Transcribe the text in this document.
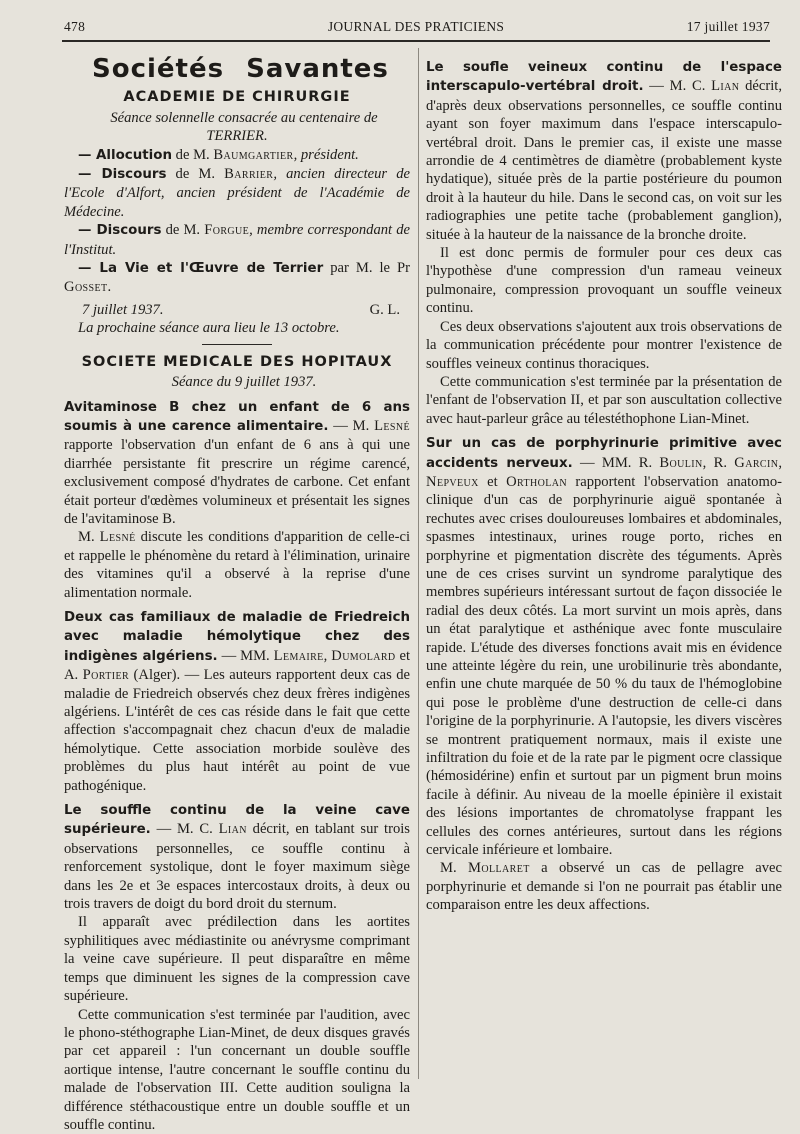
478	JOURNAL DES PRATICIENS	17 juillet 1937
Sociétés Savantes
ACADEMIE DE CHIRURGIE

Séance solennelle consacrée au centenaire de TERRIER.

— Allocution de M. Baumgartier, président.

— Discours de M. Barrier, ancien directeur de l'Ecole d'Alfort, ancien président de l'Académie de Médecine.

— Discours de M. Forgue, membre correspondant de l'Institut.

— La Vie et l'Œuvre de Terrier par M. le Pr Gosset.

7 juillet 1937.	G. L.

La prochaine séance aura lieu le 13 octobre.

SOCIETE MEDICALE DES HOPITAUX

Séance du 9 juillet 1937.

Avitaminose B chez un enfant de 6 ans soumis à une carence alimentaire. — M. Lesné rapporte l'observation d'un enfant de 6 ans à qui une diarrhée persistante fit prescrire un régime carencé, exclusivement composé d'hydrates de carbone. Cet enfant était porteur d'œdèmes volumineux et présentait les signes de l'avitaminose B.

M. Lesné discute les conditions d'apparition de celle-ci et rappelle le phénomène du retard à l'élimination, urinaire des vitamines qu'il a observé à la reprise d'une alimentation normale.

Deux cas familiaux de maladie de Friedreich avec maladie hémolytique chez des indigènes algériens. — MM. Lemaire, Dumolard et A. Portier (Alger). — Les auteurs rapportent deux cas de maladie de Friedreich observés chez deux frères indigènes algériens. L'intérêt de ces cas réside dans le fait que cette affection s'accompagnait chez chacun d'eux de maladie hémolytique. Cette association morbide soulève des problèmes du plus haut intérêt au point de vue pathogénique.

Le souffle continu de la veine cave supérieure. — M. C. Lian décrit, en tablant sur trois observations personnelles, ce souffle continu à renforcement systolique, dont le foyer maximum siège dans les 2e et 3e espaces intercostaux droits, à deux ou trois travers de doigt du bord droit du sternum.

Il apparaît avec prédilection dans les aortites syphilitiques avec médiastinite ou anévrysme comprimant la veine cave supérieure. Il peut disparaître en même temps que diminuent les signes de la compression cave supérieure.

Cette communication s'est terminée par l'audition, avec le phono-stéthographe Lian-Minet, de deux disques gravés par cet appareil : l'un concernant un double souffle aortique intense, l'autre concernant le souffle continu du malade de l'observation III. Cette audition souligna la différence stéthacoustique entre un double souffle et un souffle continu.

Le soufle veineux continu de l'espace interscapulo-vertébral droit. — M. C. Lian décrit, d'après deux observations personnelles, ce souffle continu ayant son foyer maximum dans l'espace interscapulo-vertébral droit. Dans le premier cas, il existe une masse arrondie de 4 centimètres de diamètre (probablement kyste hydatique), située près de la partie postérieure du poumon droit à la hauteur du hile. Dans le second cas, on voit sur les radiographies une petite tache (probablement ganglion), située à la hauteur de la naissance de la bronche droite.

Il est donc permis de formuler pour ces deux cas l'hypothèse d'une compression d'un rameau veineux pulmonaire, compression provoquant un souffle veineux continu.

Ces deux observations s'ajoutent aux trois observations de la communication précédente pour montrer l'existence de souffles veineux continus thoraciques.

Cette communication s'est terminée par la présentation de l'enfant de l'observation II, et par son auscultation collective avec haut-parleur grâce au télestéthophone Lian-Minet.

Sur un cas de porphyrinurie primitive avec accidents nerveux. — MM. R. Boulin, R. Garcin, Nepveux et Ortholan rapportent l'observation anatomo-clinique d'un cas de porphyrinurie aiguë spontanée à rechutes avec crises douloureuses lombaires et abdominales, spasmes intestinaux, urines rouge porto, riches en porphyrine et pigmentation discrète des téguments. Après une de ces crises survint un syndrome paralytique des membres supérieurs intéressant surtout de façon dissociée le radial des deux côtés. La mort survint un mois après, dans un état paralytique et asthénique avec fonte musculaire rapide. L'étude des diverses fonctions avait mis en évidence une atteinte légère du rein, une urobilinurie très abondante, enfin une chute marquée de 50 % du taux de l'hémoglobine qui pose le problème d'une destruction de celle-ci dans l'origine de la porphyrinurie. A l'autopsie, les divers viscères se montrent pratiquement normaux, mais il existe une infiltration du foie et de la rate par le pigment ocre classique (hémosidérine) enfin et surtout par un pigment brun moins facile à définir. Au niveau de la moelle épinière il existait des lésions importantes de chromatolyse frappant les cellules des cornes antérieures, surtout dans les régions cervicale inférieure et lombaire.

M. Mollaret a observé un cas de pellagre avec porphyrinurie et demande si l'on ne pourrait pas établir une comparaison entre les deux affections.
